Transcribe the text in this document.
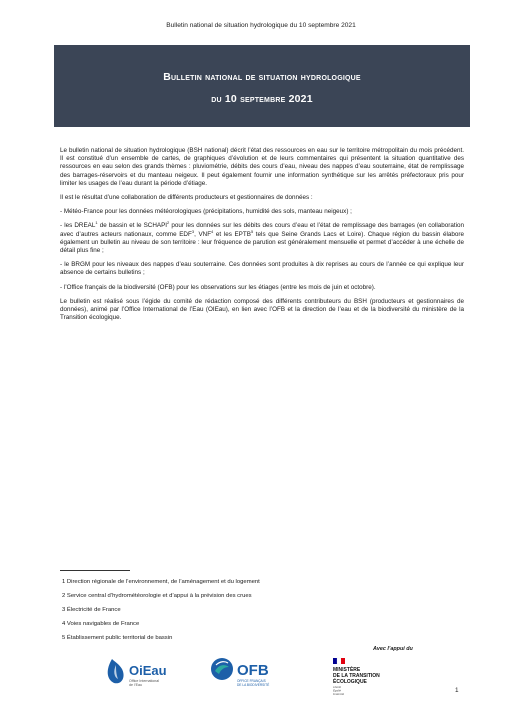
Bulletin national de situation hydrologique du 10 septembre 2021
Bulletin national de situation hydrologique
du 10 septembre 2021

Le bulletin national de situation hydrologique (BSH national) décrit l’état des ressources en eau sur le territoire métropolitain du mois précédent. Il est constitué d’un ensemble de cartes, de graphiques d’évolution et de leurs commentaires qui présentent la situation quantitative des ressources en eau selon des grands thèmes : pluviométrie, débits des cours d’eau, niveau des nappes d’eau souterraine, état de remplissage des barrages-réservoirs et du manteau neigeux. Il peut également fournir une information synthétique sur les arrêtés préfectoraux pris pour limiter les usages de l’eau durant la période d’étiage.

Il est le résultat d’une collaboration de différents producteurs et gestionnaires de données :

- Météo-France pour les données météorologiques (précipitations, humidité des sols, manteau neigeux) ;

- les DREAL$^1$ de bassin et le SCHAPI$^2$ pour les données sur les débits des cours d’eau et l’état de remplissage des barrages (en collaboration avec d’autres acteurs nationaux, comme EDF$^3$, VNF$^4$ et les EPTB$^5$ tels que Seine Grands Lacs et Loire). Chaque région du bassin élabore également un bulletin au niveau de son territoire : leur fréquence de parution est généralement mensuelle et permet d’accéder à une échelle de détail plus fine ;

- le BRGM pour les niveaux des nappes d’eau souterraine. Ces données sont produites à dix reprises au cours de l’année ce qui explique leur absence de certains bulletins ;

- l’Office français de la biodiversité (OFB) pour les observations sur les étiages (entre les mois de juin et octobre).

Le bulletin est réalisé sous l’égide du comité de rédaction composé des différents contributeurs du BSH (producteurs et gestionnaires de données), animé par l’Office International de l’Eau (OIEau), en lien avec l’OFB et la direction de l’eau et de la biodiversité du ministère de la Transition écologique.

1 Direction régionale de l’environnement, de l’aménagement et du logement
2 Service central d’hydrométéorologie et d’appui à la prévision des crues
3 Électricité de France
4 Voies navigables de France
5 Établissement public territorial de bassin
Avec l’appui du
OiEau
Office International
de l’Eau
OFB
OFFICE FRANÇAIS
DE LA BIODIVERSITÉ
MINISTÈRE
DE LA TRANSITION
ÉCOLOGIQUE
Liberté
Égalité
Fraternité
1
